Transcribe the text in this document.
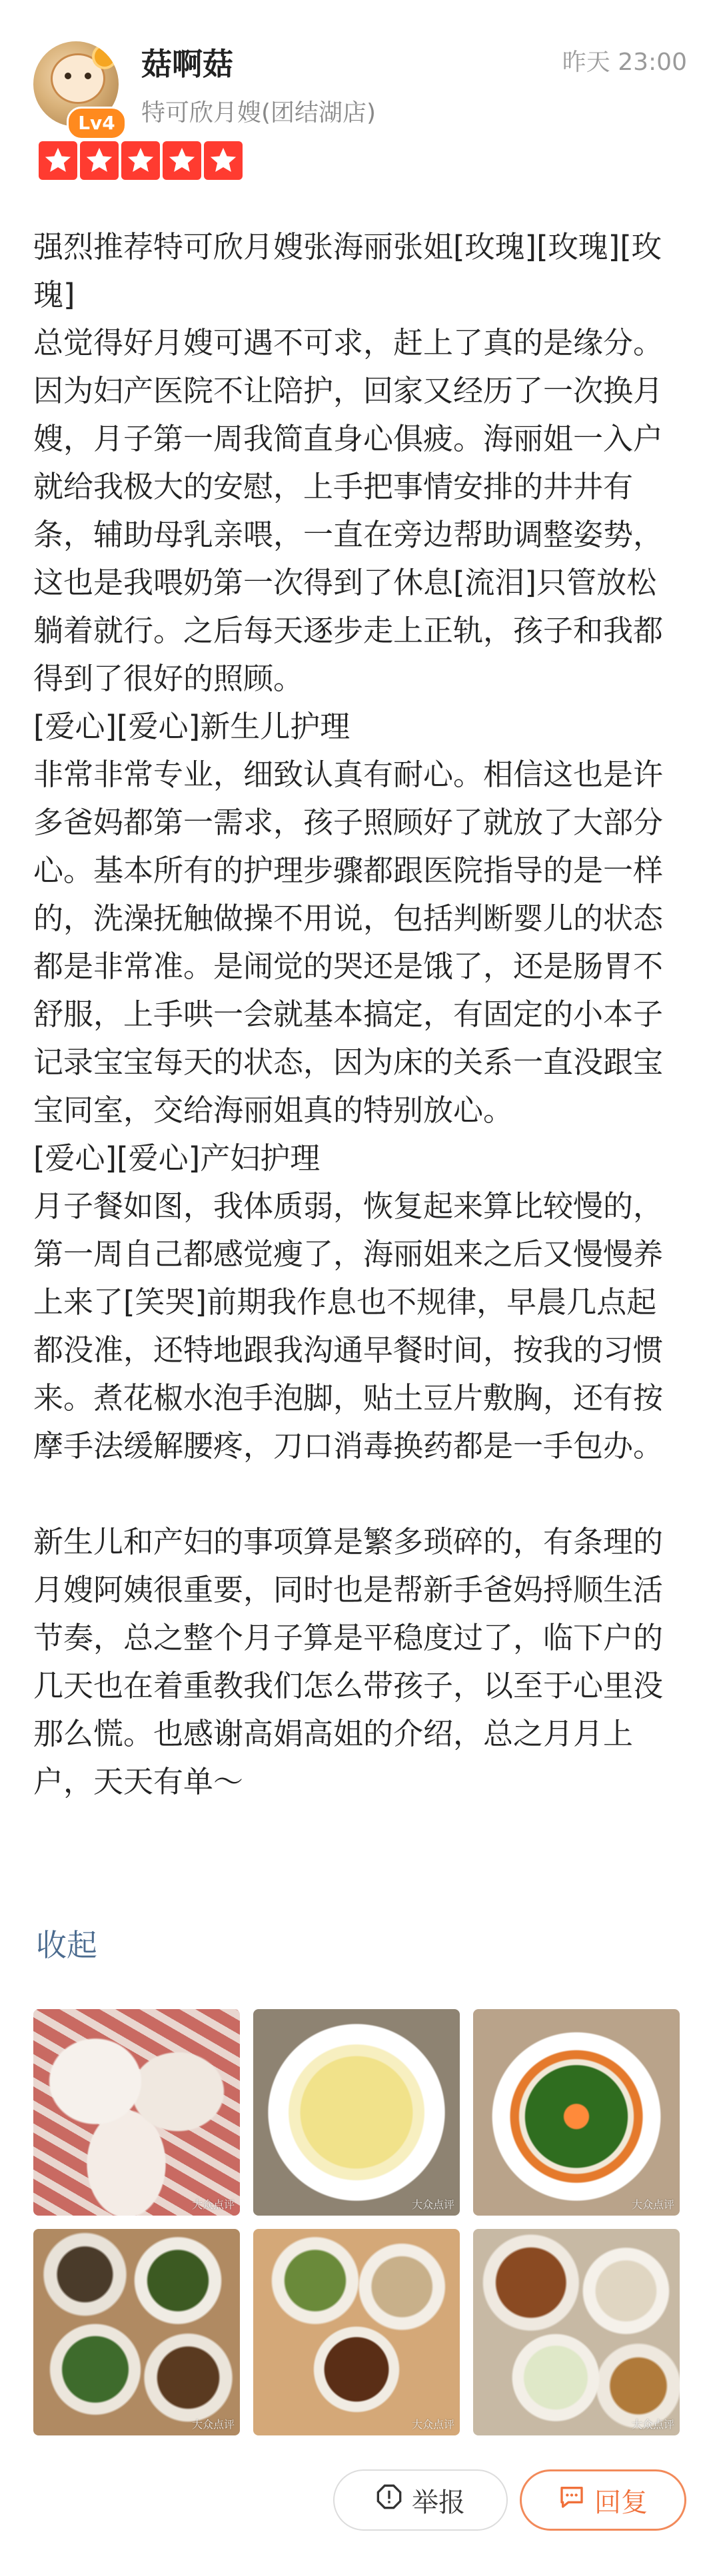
Lv4
菇啊菇	昨天 23:00
特可欣月嫂(团结湖店)

强烈推荐特可欣月嫂张海丽张姐[玫瑰][玫瑰][玫瑰]
总觉得好月嫂可遇不可求，赶上了真的是缘分。因为妇产医院不让陪护，回家又经历了一次换月嫂，月子第一周我简直身心俱疲。海丽姐一入户就给我极大的安慰，上手把事情安排的井井有条，辅助母乳亲喂，一直在旁边帮助调整姿势，这也是我喂奶第一次得到了休息[流泪]只管放松躺着就行。之后每天逐步走上正轨，孩子和我都得到了很好的照顾。
[爱心][爱心]新生儿护理
非常非常专业，细致认真有耐心。相信这也是许多爸妈都第一需求，孩子照顾好了就放了大部分心。基本所有的护理步骤都跟医院指导的是一样的，洗澡抚触做操不用说，包括判断婴儿的状态都是非常准。是闹觉的哭还是饿了，还是肠胃不舒服，上手哄一会就基本搞定，有固定的小本子记录宝宝每天的状态，因为床的关系一直没跟宝宝同室，交给海丽姐真的特别放心。
[爱心][爱心]产妇护理
月子餐如图，我体质弱，恢复起来算比较慢的，第一周自己都感觉瘦了，海丽姐来之后又慢慢养上来了[笑哭]前期我作息也不规律，早晨几点起都没准，还特地跟我沟通早餐时间，按我的习惯来。煮花椒水泡手泡脚，贴土豆片敷胸，还有按摩手法缓解腰疼，刀口消毒换药都是一手包办。

新生儿和产妇的事项算是繁多琐碎的，有条理的月嫂阿姨很重要，同时也是帮新手爸妈捋顺生活节奏，总之整个月子算是平稳度过了，临下户的几天也在着重教我们怎么带孩子，以至于心里没那么慌。也感谢高娟高姐的介绍，总之月月上户，天天有单～

收起
大众点评	大众点评	大众点评
大众点评	大众点评	大众点评
举报	回复
